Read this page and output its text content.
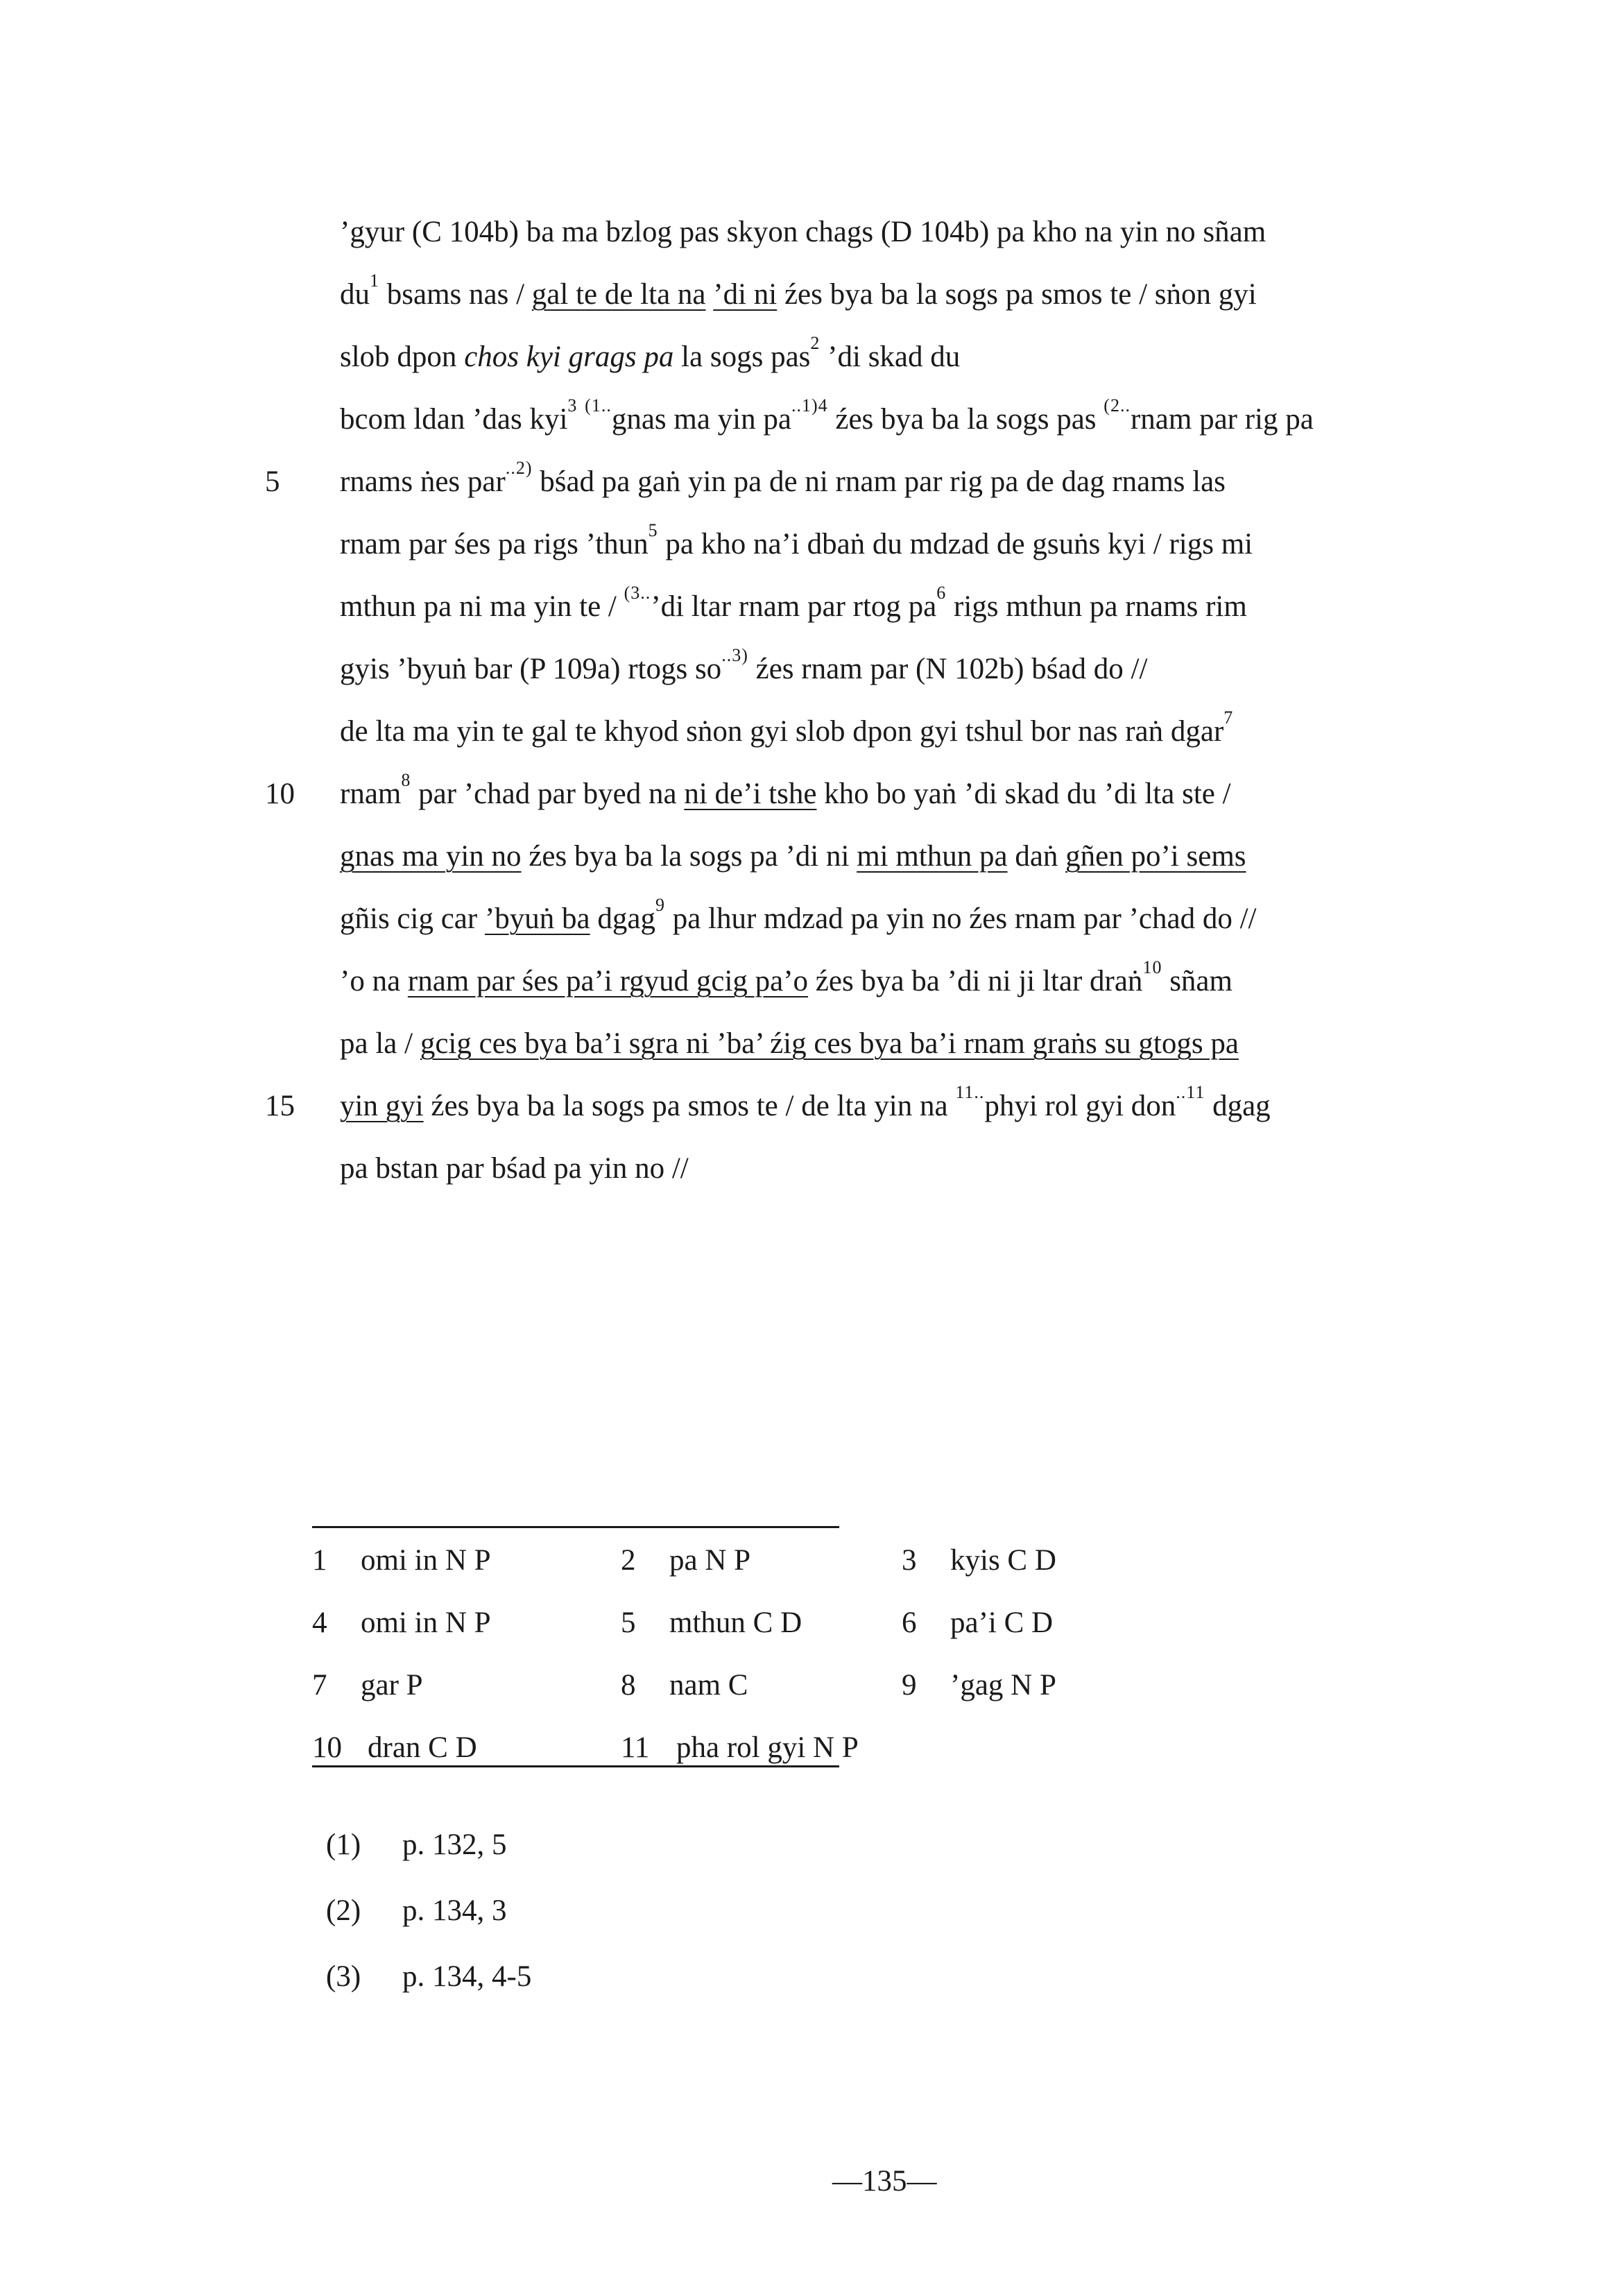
’gyur (C 104b) ba ma bzlog pas skyon chags (D 104b) pa kho na yin no sñam
$du^1$ bsams nas / gal te de lta na ’di ni źes bya ba la sogs pa smos te / sṅon gyi
slob dpon chos kyi grags pa la sogs pas$^2$ ’di skad du
bcom ldan ’das kyi$^3$ $^{(1..}$gnas ma yin $pa^{..1)4}$ źes bya ba la sogs pas $^{(2..}$rnam par rig pa
5	rnams ṅes par$^{..2)}$ bśad pa gaṅ yin pa de ni rnam par rig pa de dag rnams las
rnam par śes pa rigs ’thun$^5$ pa kho na’i dbaṅ du mdzad de gsuṅs kyi / rigs mi
mthun pa ni ma yin te / $^{(3..}$’di ltar rnam par rtog $pa^6$ rigs mthun pa rnams rim
gyis ’byuṅ bar (P 109a) rtogs $so^{..3)}$ źes rnam par (N 102b) bśad do //
de lta ma yin te gal te khyod sṅon gyi slob dpon gyi tshul bor nas raṅ dgar$^7$
10	rnam$^8$ par ’chad par byed na ni de’i tshe kho bo yaṅ ’di skad du ’di lta ste /
gnas ma yin no źes bya ba la sogs pa ’di ni mi mthun pa daṅ gñen po’i sems
gñis cig car ’byuṅ ba dgag$^9$ pa lhur mdzad pa yin no źes rnam par ’chad do //
’o na rnam par śes pa’i rgyud gcig pa’o źes bya ba ’di ni ji ltar draṅ$^{10}$ sñam
pa la / gcig ces bya ba’i sgra ni ’ba’ źig ces bya ba’i rnam graṅs su gtogs pa
15	yin gyi źes bya ba la sogs pa smos te / de lta yin na $^{11..}$phyi rol gyi don$^{..11}$ dgag
pa bstan par bśad pa yin no //
1 omi in N P	2 pa N P	3 kyis C D
4 omi in N P	5 mthun C D	6 pa’i C D
7 gar P	8 nam C	9 ’gag N P
10 dran C D	11 pha rol gyi N P
(1) p. 132, 5
(2) p. 134, 3
(3) p. 134, 4-5
—135—
